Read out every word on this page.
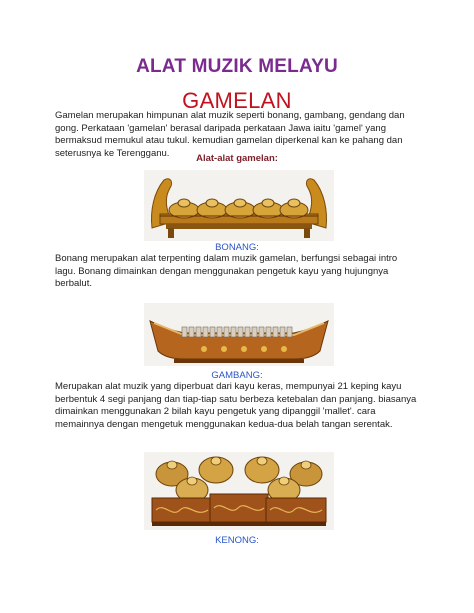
ALAT MUZIK MELAYU
GAMELAN

Gamelan merupakan himpunan alat muzik seperti bonang, gambang, gendang dan gong. Perkataan 'gamelan' berasal daripada perkataan Jawa iaitu 'gamel' yang bermaksud memukul atau tukul. kemudian gamelan diperkenal kan ke pahang dan seterusnya ke Terengganu.	Alat-alat gamelan:
BONANG:

Bonang merupakan alat terpenting dalam muzik gamelan, berfungsi sebagai intro lagu. Bonang dimainkan dengan menggunakan pengetuk kayu yang hujungnya berbalut.

GAMBANG:

Merupakan alat muzik yang diperbuat dari kayu keras, mempunyai 21 keping kayu berbentuk 4 segi panjang dan tiap-tiap satu berbeza ketebalan dan panjang. biasanya dimainkan menggunakan 2 bilah kayu pengetuk yang dipanggil 'mallet'. cara memainnya dengan mengetuk menggunakan kedua-dua belah tangan serentak.

KENONG:
